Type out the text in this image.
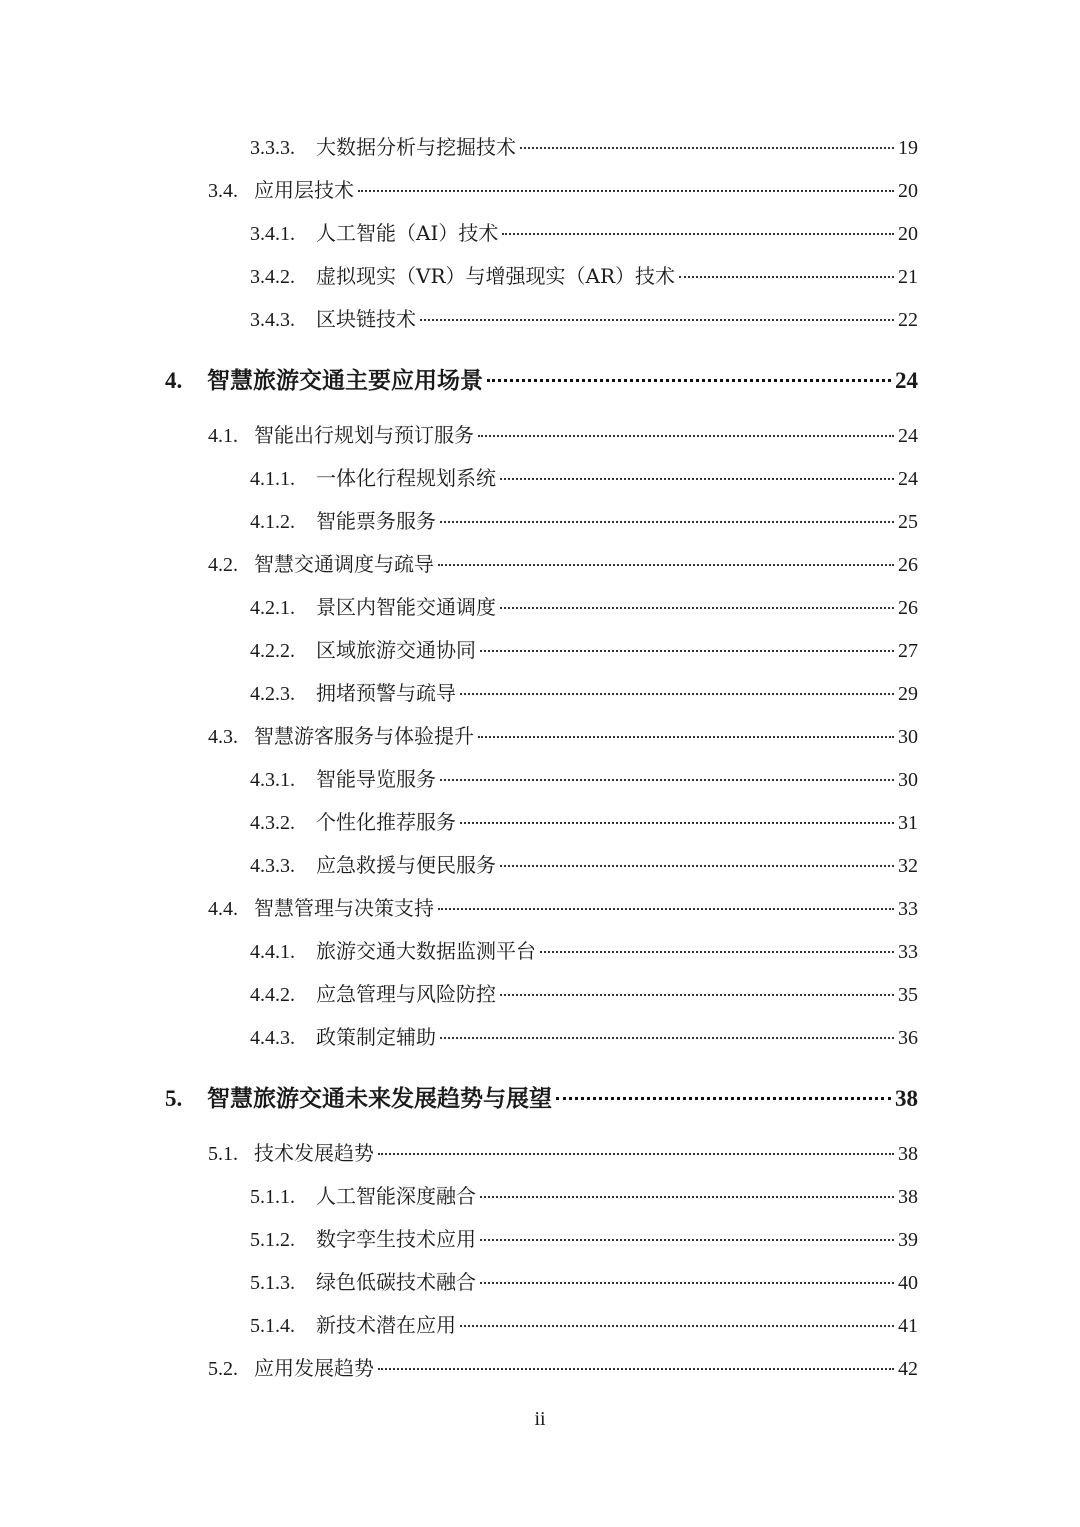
3.3.3.	大数据分析与挖掘技术	19
3.4. 应用层技术	20
3.4.1.	人工智能（AI）技术	20
3.4.2.	虚拟现实（VR）与增强现实（AR）技术	21
3.4.3.	区块链技术	22
4.	智慧旅游交通主要应用场景	24
4.1. 智能出行规划与预订服务	24
4.1.1.	一体化行程规划系统	24
4.1.2.	智能票务服务	25
4.2. 智慧交通调度与疏导	26
4.2.1.	景区内智能交通调度	26
4.2.2.	区域旅游交通协同	27
4.2.3.	拥堵预警与疏导	29
4.3. 智慧游客服务与体验提升	30
4.3.1.	智能导览服务	30
4.3.2.	个性化推荐服务	31
4.3.3.	应急救援与便民服务	32
4.4. 智慧管理与决策支持	33
4.4.1.	旅游交通大数据监测平台	33
4.4.2.	应急管理与风险防控	35
4.4.3.	政策制定辅助	36
5.	智慧旅游交通未来发展趋势与展望	38
5.1. 技术发展趋势	38
5.1.1.	人工智能深度融合	38
5.1.2.	数字孪生技术应用	39
5.1.3.	绿色低碳技术融合	40
5.1.4.	新技术潜在应用	41
5.2. 应用发展趋势	42
ii
